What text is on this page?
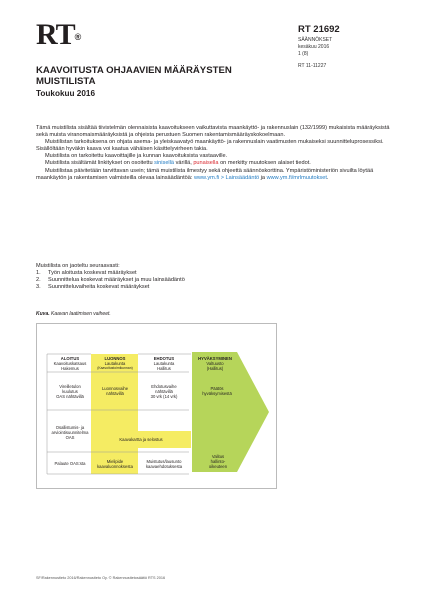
RT®
RT 21692
SÄÄNNÖKSET
kesäkuu 2016
1 (8)
RT 11-11227
KAAVOITUSTA OHJAAVIEN MÄÄRÄYSTEN MUISTILISTA
Toukokuu 2016

Tämä muistilista sisältää tiivistelmän olennaisista kaavoitukseen vaikuttavista maankäyttö- ja rakennuslain (132/1999) mukaisista määräyksistä sekä muista viranomaismääräyksistä ja ohjeista perustuen Suomen rakentamismääräyskokoelmaan.

Muistilistan tarkoituksena on ohjata asema- ja yleiskaavatyö maankäyttö- ja rakennuslain vaatimusten mukaiseksi suunnitteluprosessiksi. Sisällöltään hyväkin kaava voi kaatua vähäisen käsittelyvirheen takia.

Muistilista on tarkoitettu kaavoittajille ja kunnan kaavoituksista vastaaville.

Muistilista sisältämät linkitykset on osoitettu sinisellä värillä, punaisella on merkitty muutoksen alaiset tiedot.

Muistilistaa päivitetään tarvittavan usein; tämä muistilista ilmestyy sekä ohjeettä säännöskorttina. Ympäristöministeriön sivuilta löytää maankäytön ja rakentamisen valmisteilla olevaa lainsäädäntöä: www.ym.fi > Lainsäädäntö ja www.ym.fi/mrlmuutokset.

Muistilista on jaoteltu seuraavasti:
1.	Työn aloitusta koskevat määräykset
2.	Suunnittelua koskevat määräykset ja muu lainsäädäntö
3.	Suunnitteluvaiheita koskevat määräykset
Kuva. Kaavan laatimisen vaiheet.
ALOITUS
Kaavoituskatsaus
Hakemus
LUONNOS
Lautakunta
(Kaavoitustoimikunnan)
EHDOTUS
Lautakunta
Hallitus
HYVÄKSYMINEN
Valtuusto
(Hallitus)
Vireilletulon
kuulutus
OAS nähtävillä
Luonnosvaihe
nähtävillä
Ehdotusvaihe
nähtävillä
30 vrk (14 vrk)
Päätös
hyväksymisestä
Osallistumis- ja
arviointisuunnitelma
OAS	Kaavakartta ja selostus
Palaute OAS:sta	Mielipide
kaavaluonnoksesta
Muistutus/lausunto
kaavaehdotuksesta
Valitus
hallinto-
oikeuteen
SF/Rakennustieto 2016/Rakennustieto Oy. © Rakennustietosäätiö RTS 2016
